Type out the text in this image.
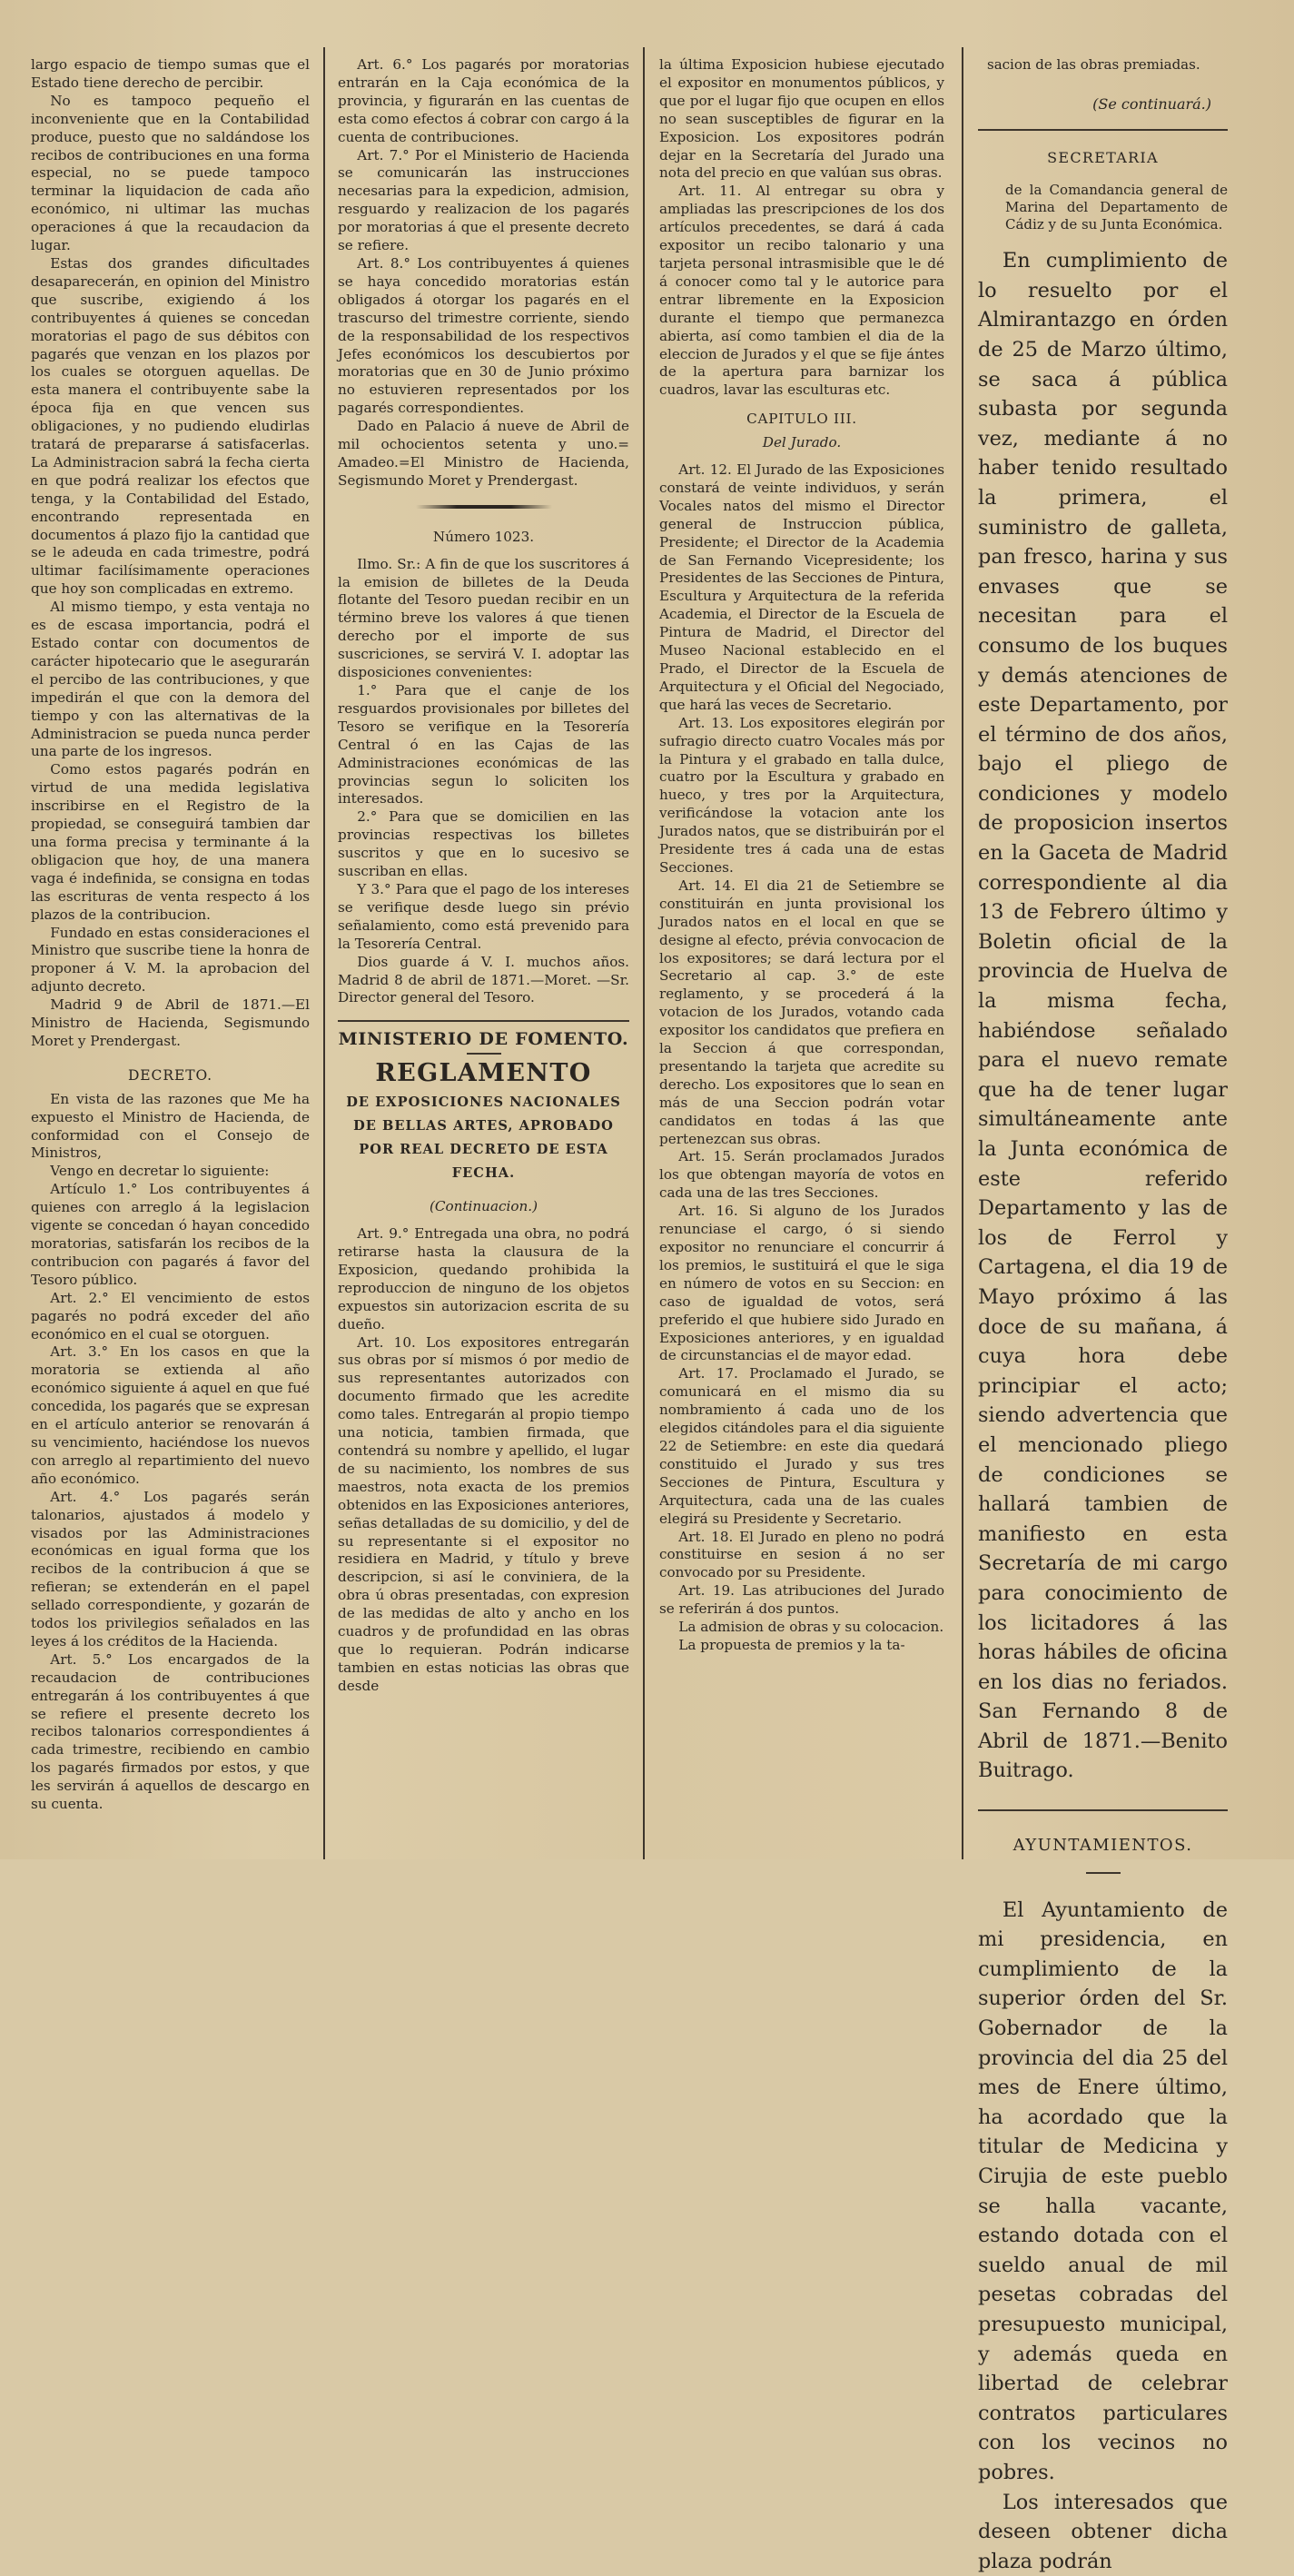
largo espacio de tiempo sumas que el Estado tiene derecho de percibir.

No es tampoco pequeño el inconveniente que en la Contabilidad produce, puesto que no saldándose los recibos de contribuciones en una forma especial, no se puede tampoco terminar la liquidacion de cada año económico, ni ultimar las muchas operaciones á que la recaudacion da lugar.

Estas dos grandes dificultades desaparecerán, en opinion del Ministro que suscribe, exigiendo á los contribuyentes á quienes se concedan moratorias el pago de sus débitos con pagarés que venzan en los plazos por los cuales se otorguen aquellas. De esta manera el contribuyente sabe la época fija en que vencen sus obligaciones, y no pudiendo eludirlas tratará de prepararse á satisfacerlas. La Administracion sabrá la fecha cierta en que podrá realizar los efectos que tenga, y la Contabilidad del Estado, encontrando representada en documentos á plazo fijo la cantidad que se le adeuda en cada trimestre, podrá ultimar facilísimamente operaciones que hoy son complicadas en extremo.

Al mismo tiempo, y esta ventaja no es de escasa importancia, podrá el Estado contar con documentos de carácter hipotecario que le asegurarán el percibo de las contribuciones, y que impedirán el que con la demora del tiempo y con las alternativas de la Administracion se pueda nunca perder una parte de los ingresos.

Como estos pagarés podrán en virtud de una medida legislativa inscribirse en el Registro de la propiedad, se conseguirá tambien dar una forma precisa y terminante á la obligacion que hoy, de una manera vaga é indefinida, se consigna en todas las escrituras de venta respecto á los plazos de la contribucion.

Fundado en estas consideraciones el Ministro que suscribe tiene la honra de proponer á V. M. la aprobacion del adjunto decreto.

Madrid 9 de Abril de 1871.—El Ministro de Hacienda, Segismundo Moret y Prendergast.

DECRETO.

En vista de las razones que Me ha expuesto el Ministro de Hacienda, de conformidad con el Consejo de Ministros,

Vengo en decretar lo siguiente:

Artículo 1.° Los contribuyentes á quienes con arreglo á la legislacion vigente se concedan ó hayan concedido moratorias, satisfarán los recibos de la contribucion con pagarés á favor del Tesoro público.

Art. 2.° El vencimiento de estos pagarés no podrá exceder del año económico en el cual se otorguen.

Art. 3.° En los casos en que la moratoria se extienda al año económico siguiente á aquel en que fué concedida, los pagarés que se expresan en el artículo anterior se renovarán á su vencimiento, haciéndose los nuevos con arreglo al repartimiento del nuevo año económico.

Art. 4.° Los pagarés serán talonarios, ajustados á modelo y visados por las Administraciones económicas en igual forma que los recibos de la contribucion á que se refieran; se extenderán en el papel sellado correspondiente, y gozarán de todos los privilegios señalados en las leyes á los créditos de la Hacienda.

Art. 5.° Los encargados de la recaudacion de contribuciones entregarán á los contribuyentes á que se refiere el presente decreto los recibos talonarios correspondientes á cada trimestre, recibiendo en cambio los pagarés firmados por estos, y que les servirán á aquellos de descargo en su cuenta.

Art. 6.° Los pagarés por moratorias entrarán en la Caja económica de la provincia, y figurarán en las cuentas de esta como efectos á cobrar con cargo á la cuenta de contribuciones.

Art. 7.° Por el Ministerio de Hacienda se comunicarán las instrucciones necesarias para la expedicion, admision, resguardo y realizacion de los pagarés por moratorias á que el presente decreto se refiere.

Art. 8.° Los contribuyentes á quienes se haya concedido moratorias están obligados á otorgar los pagarés en el trascurso del trimestre corriente, siendo de la responsabilidad de los respectivos Jefes económicos los descubiertos por moratorias que en 30 de Junio próximo no estuvieren representados por los pagarés correspondientes.

Dado en Palacio á nueve de Abril de mil ochocientos setenta y uno.= Amadeo.=El Ministro de Hacienda, Segismundo Moret y Prendergast.

Número 1023.

Ilmo. Sr.: A fin de que los suscritores á la emision de billetes de la Deuda flotante del Tesoro puedan recibir en un término breve los valores á que tienen derecho por el importe de sus suscriciones, se servirá V. I. adoptar las disposiciones convenientes:

1.° Para que el canje de los resguardos provisionales por billetes del Tesoro se verifique en la Tesorería Central ó en las Cajas de las Administraciones económicas de las provincias segun lo soliciten los interesados.

2.° Para que se domicilien en las provincias respectivas los billetes suscritos y que en lo sucesivo se suscriban en ellas.

Y 3.° Para que el pago de los intereses se verifique desde luego sin prévio señalamiento, como está prevenido para la Tesorería Central.

Dios guarde á V. I. muchos años. Madrid 8 de abril de 1871.—Moret. —Sr. Director general del Tesoro.

MINISTERIO DE FOMENTO.
REGLAMENTO
DE EXPOSICIONES NACIONALES DE BELLAS ARTES, APROBADO POR REAL DECRETO DE ESTA FECHA.
(Continuacion.)

Art. 9.° Entregada una obra, no podrá retirarse hasta la clausura de la Exposicion, quedando prohibida la reproduccion de ninguno de los objetos expuestos sin autorizacion escrita de su dueño.

Art. 10. Los expositores entregarán sus obras por sí mismos ó por medio de sus representantes autorizados con documento firmado que les acredite como tales. Entregarán al propio tiempo una noticia, tambien firmada, que contendrá su nombre y apellido, el lugar de su nacimiento, los nombres de sus maestros, nota exacta de los premios obtenidos en las Exposiciones anteriores, señas detalladas de su domicilio, y del de su representante si el expositor no residiera en Madrid, y título y breve descripcion, si así le conviniera, de la obra ú obras presentadas, con expresion de las medidas de alto y ancho en los cuadros y de profundidad en las obras que lo requieran. Podrán indicarse tambien en estas noticias las obras que desde

la última Exposicion hubiese ejecutado el expositor en monumentos públicos, y que por el lugar fijo que ocupen en ellos no sean susceptibles de figurar en la Exposicion. Los expositores podrán dejar en la Secretaría del Jurado una nota del precio en que valúan sus obras.

Art. 11. Al entregar su obra y ampliadas las prescripciones de los dos artículos precedentes, se dará á cada expositor un recibo talonario y una tarjeta personal intrasmisible que le dé á conocer como tal y le autorice para entrar libremente en la Exposicion durante el tiempo que permanezca abierta, así como tambien el dia de la eleccion de Jurados y el que se fije ántes de la apertura para barnizar los cuadros, lavar las esculturas etc.

CAPITULO III.
Del Jurado.

Art. 12. El Jurado de las Exposiciones constará de veinte individuos, y serán Vocales natos del mismo el Director general de Instruccion pública, Presidente; el Director de la Academia de San Fernando Vicepresidente; los Presidentes de las Secciones de Pintura, Escultura y Arquitectura de la referida Academia, el Director de la Escuela de Pintura de Madrid, el Director del Museo Nacional establecido en el Prado, el Director de la Escuela de Arquitectura y el Oficial del Negociado, que hará las veces de Secretario.

Art. 13. Los expositores elegirán por sufragio directo cuatro Vocales más por la Pintura y el grabado en talla dulce, cuatro por la Escultura y grabado en hueco, y tres por la Arquitectura, verificándose la votacion ante los Jurados natos, que se distribuirán por el Presidente tres á cada una de estas Secciones.

Art. 14. El dia 21 de Setiembre se constituirán en junta provisional los Jurados natos en el local en que se designe al efecto, prévia convocacion de los expositores; se dará lectura por el Secretario al cap. 3.° de este reglamento, y se procederá á la votacion de los Jurados, votando cada expositor los candidatos que prefiera en la Seccion á que correspondan, presentando la tarjeta que acredite su derecho. Los expositores que lo sean en más de una Seccion podrán votar candidatos en todas á las que pertenezcan sus obras.

Art. 15. Serán proclamados Jurados los que obtengan mayoría de votos en cada una de las tres Secciones.

Art. 16. Si alguno de los Jurados renunciase el cargo, ó si siendo expositor no renunciare el concurrir á los premios, le sustituirá el que le siga en número de votos en su Seccion: en caso de igualdad de votos, será preferido el que hubiere sido Jurado en Exposiciones anteriores, y en igualdad de circunstancias el de mayor edad.

Art. 17. Proclamado el Jurado, se comunicará en el mismo dia su nombramiento á cada uno de los elegidos citándoles para el dia siguiente 22 de Setiembre: en este dia quedará constituido el Jurado y sus tres Secciones de Pintura, Escultura y Arquitectura, cada una de las cuales elegirá su Presidente y Secretario.

Art. 18. El Jurado en pleno no podrá constituirse en sesion á no ser convocado por su Presidente.

Art. 19. Las atribuciones del Jurado se referirán á dos puntos.

La admision de obras y su colocacion.

La propuesta de premios y la ta-

sacion de las obras premiadas.
(Se continuará.)
SECRETARIA
de la Comandancia general de Marina del Departamento de Cádiz y de su Junta Económica.

En cumplimiento de lo resuelto por el Almirantazgo en órden de 25 de Marzo último, se saca á pública subasta por segunda vez, mediante á no haber tenido resultado la primera, el suministro de galleta, pan fresco, harina y sus envases que se necesitan para el consumo de los buques y demás atenciones de este Departamento, por el término de dos años, bajo el pliego de condiciones y modelo de proposicion insertos en la Gaceta de Madrid correspondiente al dia 13 de Febrero último y Boletin oficial de la provincia de Huelva de la misma fecha, habiéndose señalado para el nuevo remate que ha de tener lugar simultáneamente ante la Junta económica de este referido Departamento y las de los de Ferrol y Cartagena, el dia 19 de Mayo próximo á las doce de su mañana, á cuya hora debe principiar el acto; siendo advertencia que el mencionado pliego de condiciones se hallará tambien de manifiesto en esta Secretaría de mi cargo para conocimiento de los licitadores á las horas hábiles de oficina en los dias no feriados. San Fernando 8 de Abril de 1871.—Benito Buitrago.

AYUNTAMIENTOS.

El Ayuntamiento de mi presidencia, en cumplimiento de la superior órden del Sr. Gobernador de la provincia del dia 25 del mes de Enere último, ha acordado que la titular de Medicina y Cirujia de este pueblo se halla vacante, estando dotada con el sueldo anual de mil pesetas cobradas del presupuesto municipal, y además queda en libertad de celebrar contratos particulares con los vecinos no pobres.

Los interesados que deseen obtener dicha plaza podrán
